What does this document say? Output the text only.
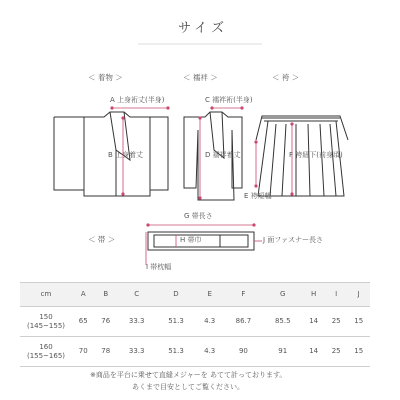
サイズ
＜ 着物 ＞	＜ 襦袢 ＞	＜ 袴 ＞
＜ 帯 ＞
A 上身裄丈(半身)
B 上身着丈
C 襦袢裄(半身)
D 襦袢着丈	F 袴紐下(前身頃)
E 袴短幅
G 帯長さ
H 帯巾
I 帯枕幅
J 面ファスナー長さ
cm	A	B	C	D	E	F	G	H	I	J

150
(145~155)	65	76	33.3	51.3	4.3	86.7	85.5	14	25	15

160
(155~165)	70	78	33.3	51.3	4.3	90	91	14	25	15
※商品を平台に乗せて直縫メジャーを あてて計っております。
あくまで目安としてご覧ください。
